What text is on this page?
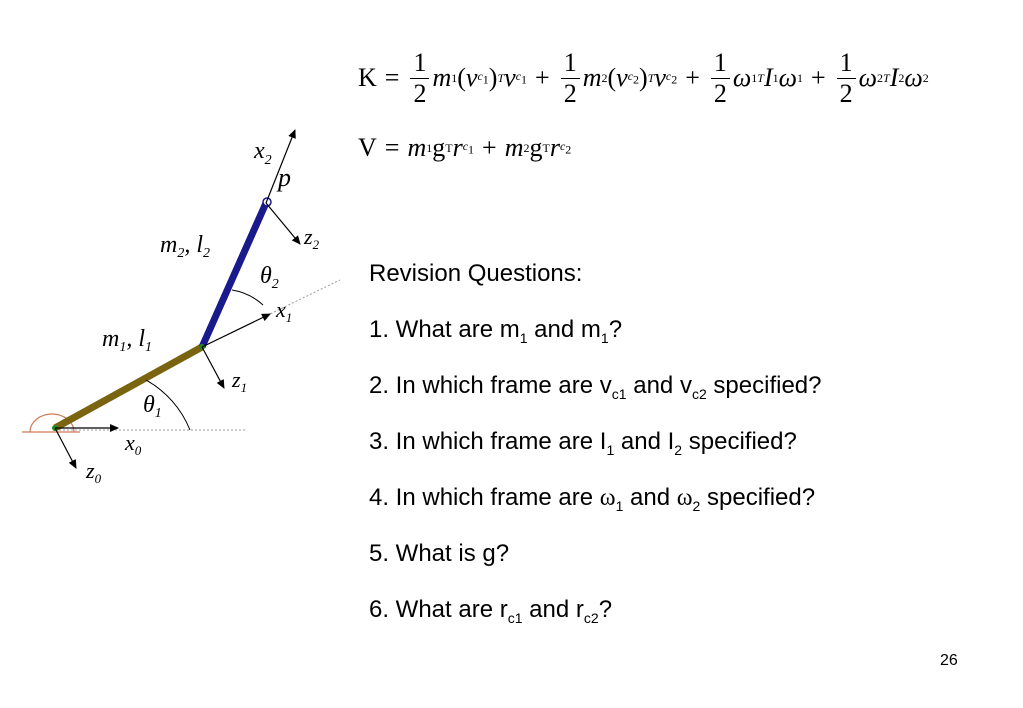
$K = \frac{1}{2}$ m 1 ( v $c_1$ ) T v $c_1 + \frac{1}{2}$ m 2 ( v $c_2$ ) T v $c_2 + \frac{1}{2}$ ω 1 T I 1 ω $1 + \frac{1}{2}$ ω 2 T I 2 ω 2
V = m 1 g T r $c_1 + m$ 2 g T r $c_2$
$x_2$
p
$z_2$
$m_2$, $l_2$
$\theta_2$
$x_1$
$m_1$, $l_1$
$z_1$
$\theta_1$
$x_0$
$z_0$
Revision Questions:
1. What are $m_1$ and $m_1$?
2. In which frame are $v_{c1}$ and $v_{c2}$ specified?
3. In which frame are $I_1$ and $I_2$ specified?
4. In which frame are $\omega_1$ and $\omega_2$ specified?
5. What is g?
6. What are $r_{c1}$ and $r_{c2}$?
26
